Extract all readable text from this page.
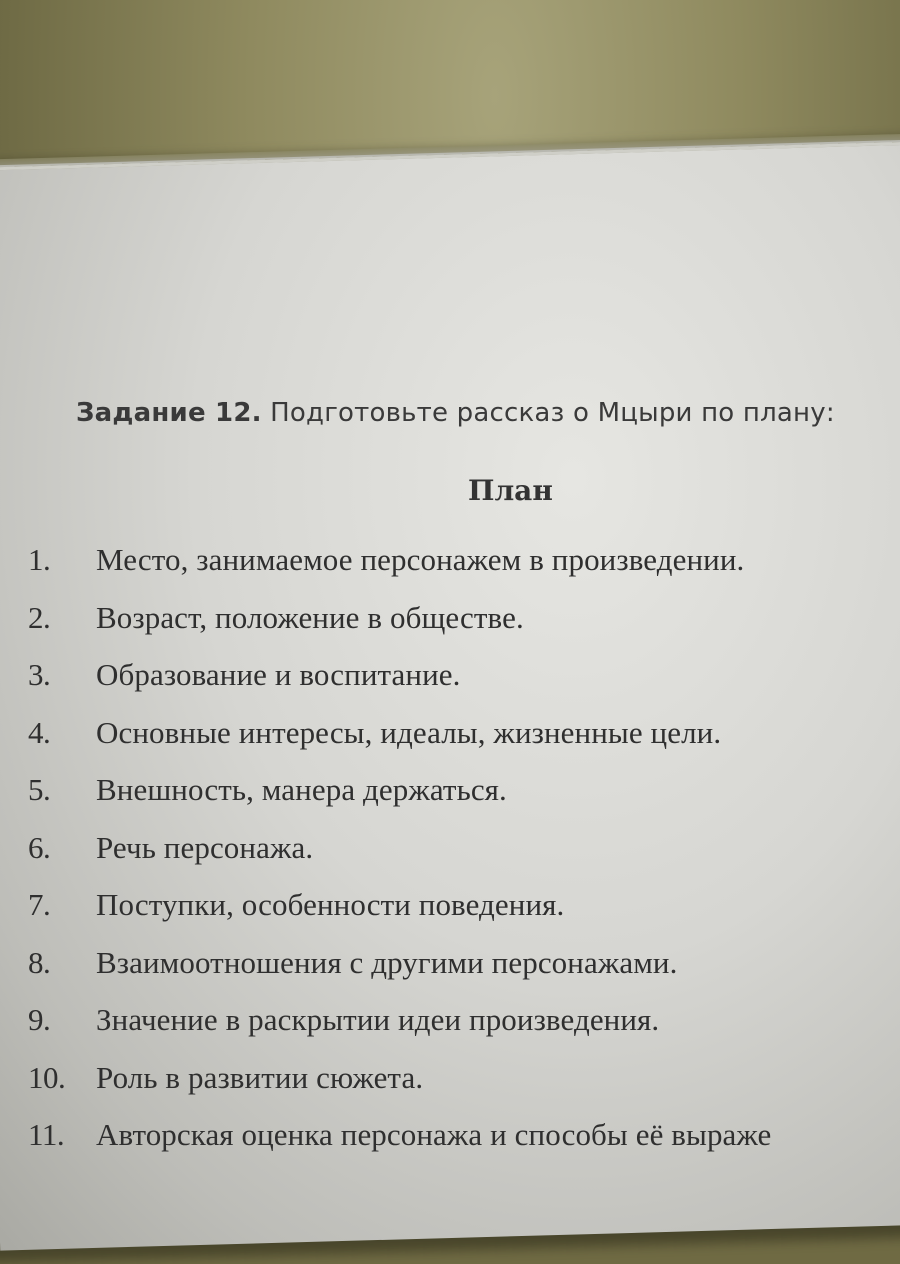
Задание 12. Подготовьте рассказ о Мцыри по плану:
План
1.	Место, занимаемое персонажем в произведении.
2.	Возраст, положение в обществе.
3.	Образование и воспитание.
4.	Основные интересы, идеалы, жизненные цели.
5.	Внешность, манера держаться.
6.	Речь персонажа.
7.	Поступки, особенности поведения.
8.	Взаимоотношения с другими персонажами.
9.	Значение в раскрытии идеи произведения.
10. Роль в развитии сюжета.
11.	Авторская оценка персонажа и способы её выраже
